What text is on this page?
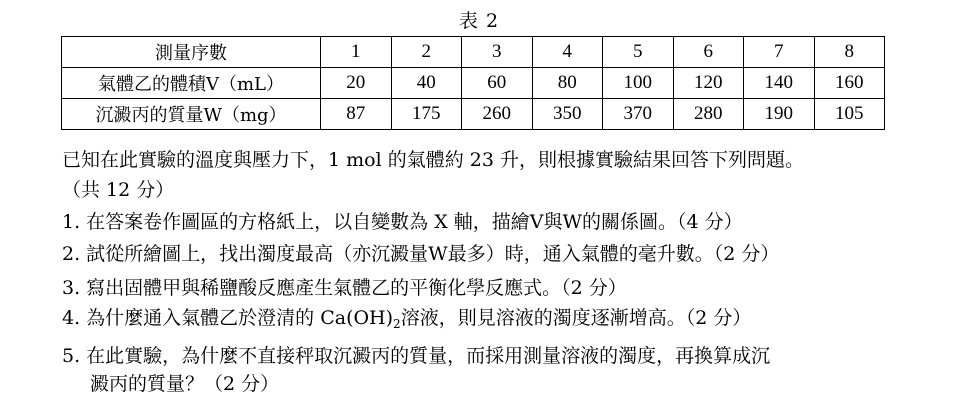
表 2
測量序數	1	2	3	4	5	6	7	8
氣體乙的體積V（mL）	20	40	60	80	100	120	140	160
沉澱丙的質量W（mg）	87	175	260	350	370	280	190	105
已知在此實驗的溫度與壓力下，1 mol 的氣體約 23 升，則根據實驗結果回答下列問題。
（共 12 分）
1. 在答案卷作圖區的方格紙上，以自變數為 X 軸，描繪V與W的關係圖。（4 分）
2. 試從所繪圖上，找出濁度最高（亦沉澱量W最多）時，通入氣體的毫升數。（2 分）
3. 寫出固體甲與稀鹽酸反應產生氣體乙的平衡化學反應式。（2 分）
4. 為什麼通入氣體乙於澄清的 $Ca(OH)_2$溶液，則見溶液的濁度逐漸增高。（2 分）
5. 在此實驗，為什麼不直接秤取沉澱丙的質量，而採用測量溶液的濁度，再換算成沉
澱丙的質量？（2 分）
